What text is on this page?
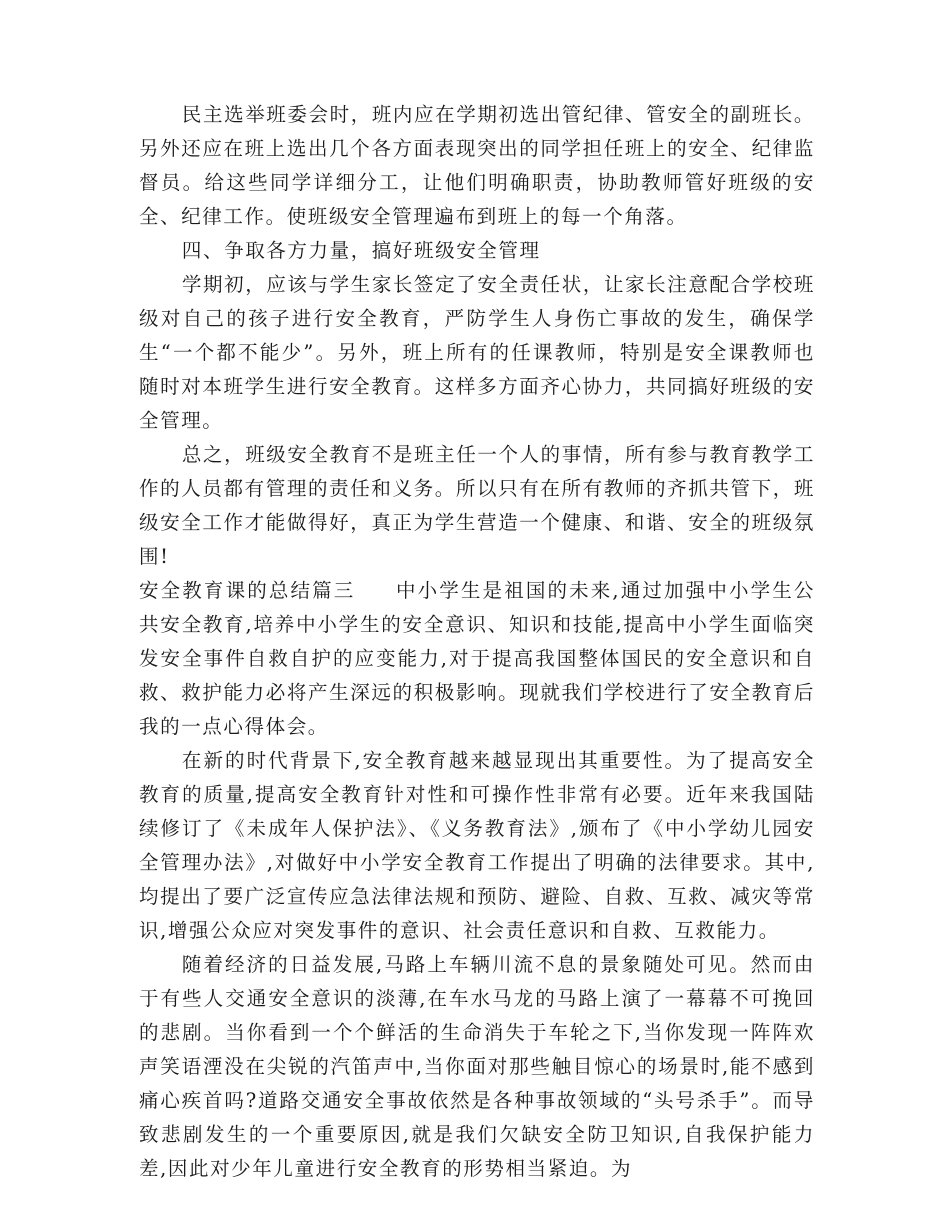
民主选举班委会时，班内应在学期初选出管纪律、管安全的副班长。另外还应在班上选出几个各方面表现突出的同学担任班上的安全、纪律监督员。给这些同学详细分工，让他们明确职责，协助教师管好班级的安全、纪律工作。使班级安全管理遍布到班上的每一个角落。

四、争取各方力量，搞好班级安全管理

学期初，应该与学生家长签定了安全责任状，让家长注意配合学校班级对自己的孩子进行安全教育，严防学生人身伤亡事故的发生，确保学生“一个都不能少”。另外，班上所有的任课教师，特别是安全课教师也随时对本班学生进行安全教育。这样多方面齐心协力，共同搞好班级的安全管理。

总之，班级安全教育不是班主任一个人的事情，所有参与教育教学工作的人员都有管理的责任和义务。所以只有在所有教师的齐抓共管下，班级安全工作才能做得好，真正为学生营造一个健康、和谐、安全的班级氛围!

安全教育课的总结篇三 中小学生是祖国的未来,通过加强中小学生公共安全教育,培养中小学生的安全意识、知识和技能,提高中小学生面临突发安全事件自救自护的应变能力,对于提高我国整体国民的安全意识和自救、救护能力必将产生深远的积极影响。现就我们学校进行了安全教育后我的一点心得体会。

在新的时代背景下,安全教育越来越显现出其重要性。为了提高安全教育的质量,提高安全教育针对性和可操作性非常有必要。近年来我国陆续修订了《未成年人保护法》、《义务教育法》,颁布了《中小学幼儿园安全管理办法》,对做好中小学安全教育工作提出了明确的法律要求。其中,均提出了要广泛宣传应急法律法规和预防、避险、自救、互救、减灾等常识,增强公众应对突发事件的意识、社会责任意识和自救、互救能力。

随着经济的日益发展,马路上车辆川流不息的景象随处可见。然而由于有些人交通安全意识的淡薄,在车水马龙的马路上演了一幕幕不可挽回的悲剧。当你看到一个个鲜活的生命消失于车轮之下,当你发现一阵阵欢声笑语湮没在尖锐的汽笛声中,当你面对那些触目惊心的场景时,能不感到痛心疾首吗?道路交通安全事故依然是各种事故领域的“头号杀手”。而导致悲剧发生的一个重要原因,就是我们欠缺安全防卫知识,自我保护能力差,因此对少年儿童进行安全教育的形势相当紧迫。为
